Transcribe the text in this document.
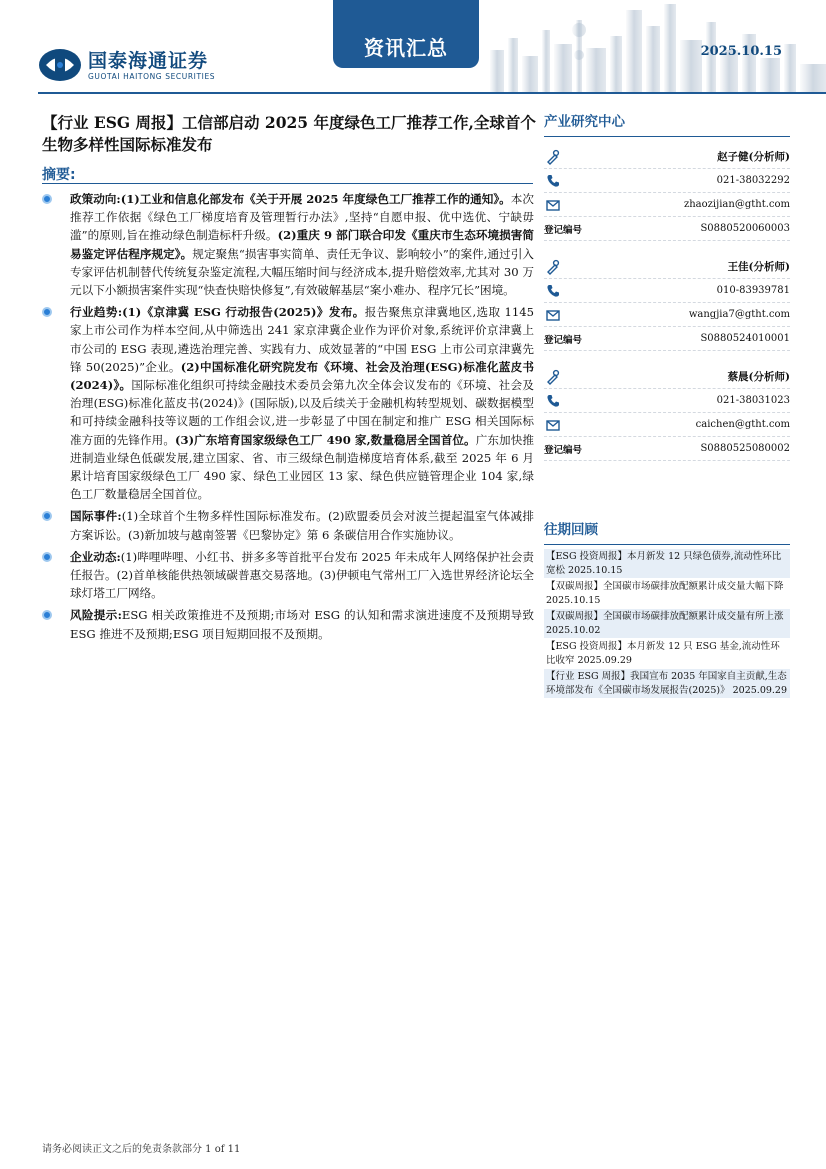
国泰海通证券
GUOTAI HAITONG SECURITIES
资讯汇总	2025.10.15
【行业 ESG 周报】工信部启动 2025 年度绿色工厂推荐工作,全球首个生物多样性国际标准发布
摘要:
政策动向:(1)工业和信息化部发布《关于开展 2025 年度绿色工厂推荐工作的通知》。本次推荐工作依据《绿色工厂梯度培育及管理暂行办法》,坚持“自愿申报、优中选优、宁缺毋滥”的原则,旨在推动绿色制造标杆升级。(2)重庆 9 部门联合印发《重庆市生态环境损害简易鉴定评估程序规定》。规定聚焦“损害事实简单、责任无争议、影响较小”的案件,通过引入专家评估机制替代传统复杂鉴定流程,大幅压缩时间与经济成本,提升赔偿效率,尤其对 30 万元以下小额损害案件实现“快查快赔快修复”,有效破解基层“案小难办、程序冗长”困境。
行业趋势:(1)《京津冀 ESG 行动报告(2025)》发布。报告聚焦京津冀地区,选取 1145 家上市公司作为样本空间,从中筛选出 241 家京津冀企业作为评价对象,系统评价京津冀上市公司的 ESG 表现,遴选治理完善、实践有力、成效显著的“中国 ESG 上市公司京津冀先锋 50(2025)”企业。(2)中国标准化研究院发布《环境、社会及治理(ESG)标准化蓝皮书(2024)》。国际标准化组织可持续金融技术委员会第九次全体会议发布的《环境、社会及治理(ESG)标准化蓝皮书(2024)》(国际版),以及后续关于金融机构转型规划、碳数据模型和可持续金融科技等议题的工作组会议,进一步彰显了中国在制定和推广 ESG 相关国际标准方面的先锋作用。(3)广东培育国家级绿色工厂 490 家,数量稳居全国首位。广东加快推进制造业绿色低碳发展,建立国家、省、市三级绿色制造梯度培育体系,截至 2025 年 6 月累计培育国家级绿色工厂 490 家、绿色工业园区 13 家、绿色供应链管理企业 104 家,绿色工厂数量稳居全国首位。
国际事件:(1)全球首个生物多样性国际标准发布。(2)欧盟委员会对波兰提起温室气体减排方案诉讼。(3)新加坡与越南签署《巴黎协定》第 6 条碳信用合作实施协议。
企业动态:(1)哔哩哔哩、小红书、拼多多等首批平台发布 2025 年未成年人网络保护社会责任报告。(2)首单核能供热领域碳普惠交易落地。(3)伊顿电气常州工厂入选世界经济论坛全球灯塔工厂网络。
风险提示:ESG 相关政策推进不及预期;市场对 ESG 的认知和需求演进速度不及预期导致 ESG 推进不及预期;ESG 项目短期回报不及预期。
产业研究中心
赵子健(分析师)
021-38032292
zhaozijian@gtht.com
登记编号	S0880520060003
王佳(分析师)
010-83939781
wangjia7@gtht.com
登记编号	S0880524010001
蔡晨(分析师)
021-38031023
caichen@gtht.com
登记编号	S0880525080002
往期回顾
【ESG 投资周报】本月新发 12 只绿色债券,流动性环比宽松 2025.10.15
【双碳周报】全国碳市场碳排放配额累计成交量大幅下降 2025.10.15
【双碳周报】全国碳市场碳排放配额累计成交量有所上涨 2025.10.02
【ESG 投资周报】本月新发 12 只 ESG 基金,流动性环比收窄 2025.09.29
【行业 ESG 周报】我国宣布 2035 年国家自主贡献,生态环境部发布《全国碳市场发展报告(2025)》 2025.09.29
请务必阅读正文之后的免责条款部分 1 of 11
